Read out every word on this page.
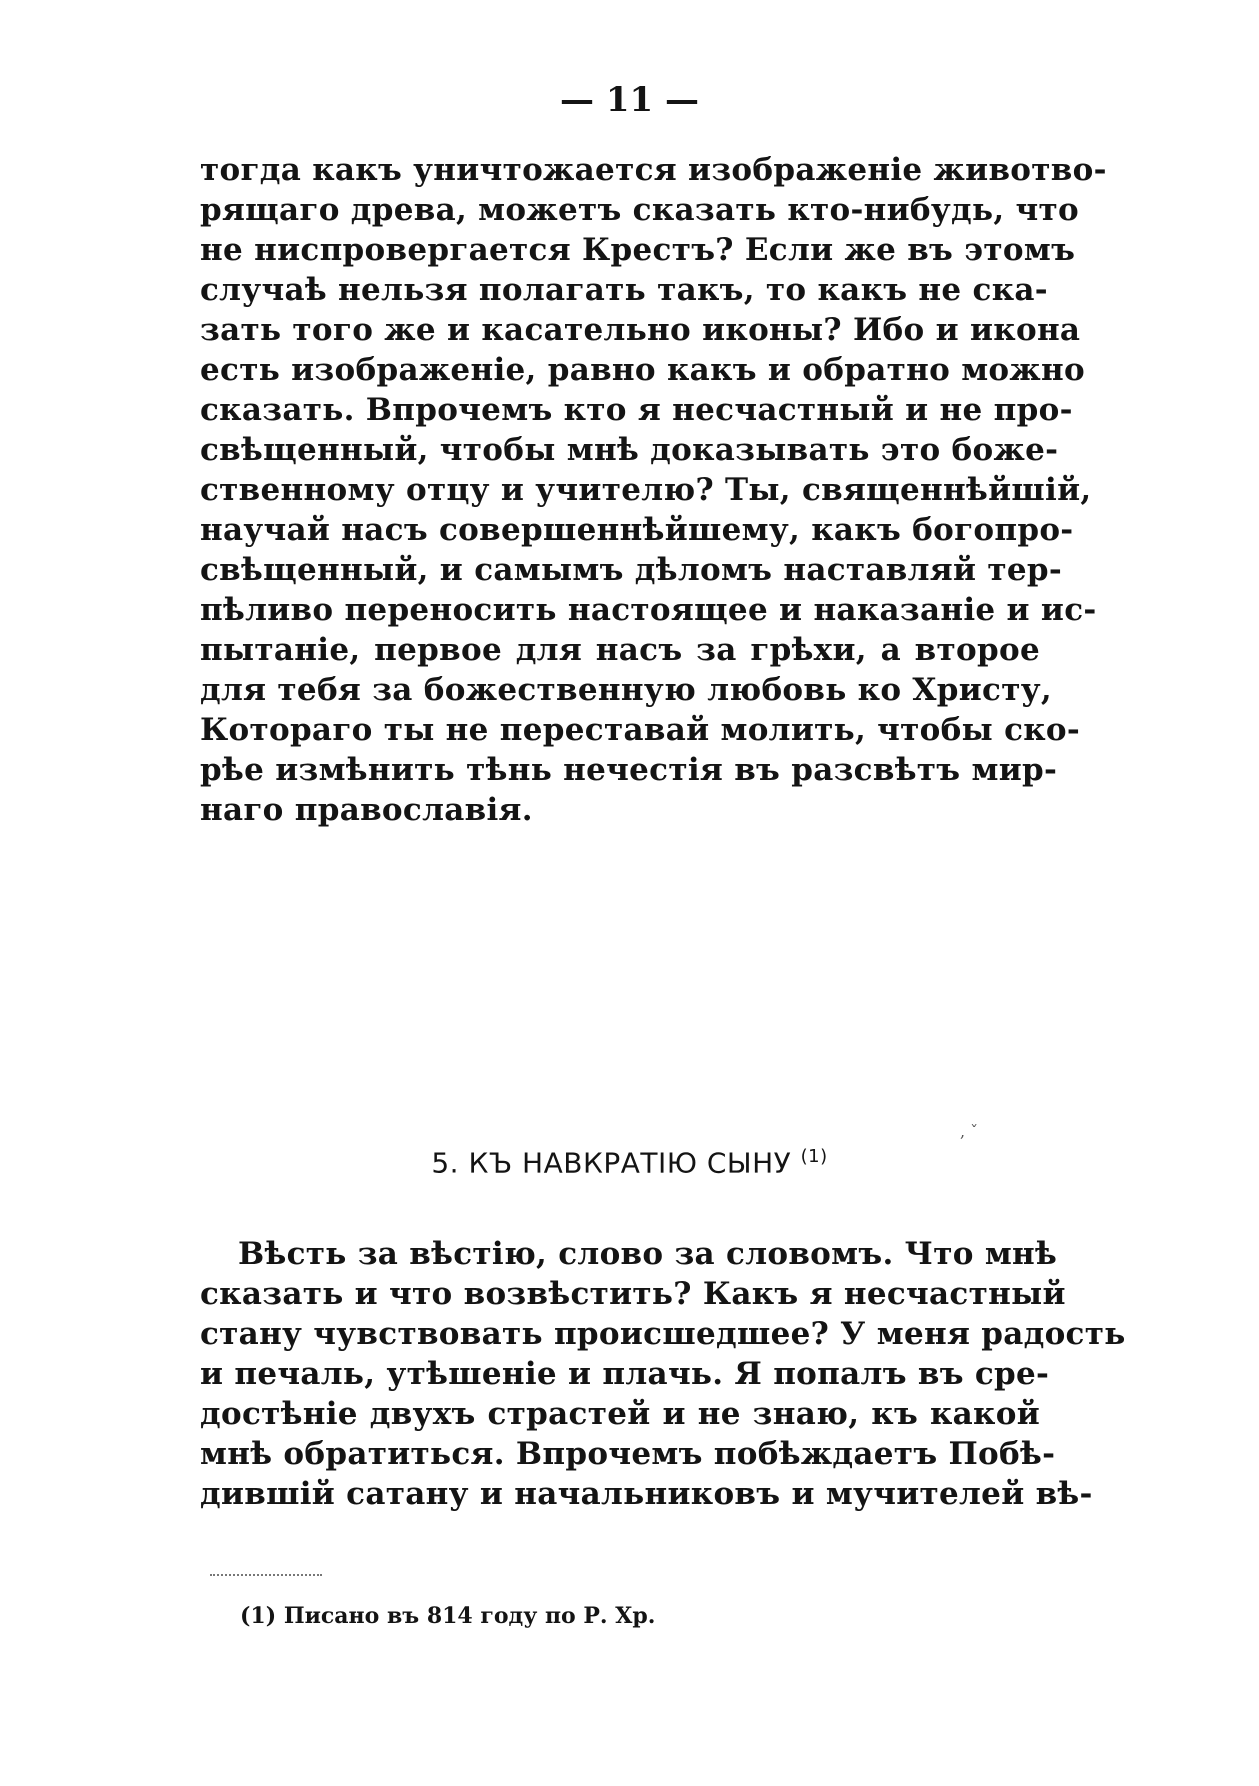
— 11 —
тогда какъ уничтожается изображеніе животво-
рящаго древа, можетъ сказать кто-нибудь, что
не ниспровергается Крестъ? Если же въ этомъ
случаѣ нельзя полагать такъ, то какъ не ска-
зать того же и касательно иконы? Ибо и икона
есть изображеніе, равно какъ и обратно можно
сказать. Впрочемъ кто я несчастный и не про-
свѣщенный, чтобы мнѣ доказывать это боже-
ственному отцу и учителю? Ты, священнѣйшій,
научай насъ совершеннѣйшему, какъ богопро-
свѣщенный, и самымъ дѣломъ наставляй тер-
пѣливо переносить настоящее и наказаніе и ис-
пытаніе, первое для насъ за грѣхи, а второе
для тебя за божественную любовь ко Христу,
Котораго ты не переставай молить, чтобы ско-
рѣе измѣнить тѣнь нечестія въ разсвѣтъ мир-
наго православія.
5. КЪ НАВКРАТІЮ СЫНУ $^{(1)}$
, ˇ
Вѣсть за вѣстію, слово за словомъ. Что мнѣ
сказать и что возвѣстить? Какъ я несчастный
стану чувствовать происшедшее? У меня радость
и печаль, утѣшеніе и плачь. Я попалъ въ сре-
достѣніе двухъ страстей и не знаю, къ какой
мнѣ обратиться. Впрочемъ побѣждаетъ Побѣ-
дившій сатану и начальниковъ и мучителей вѣ-
(1) Писано въ 814 году по Р. Хр.
